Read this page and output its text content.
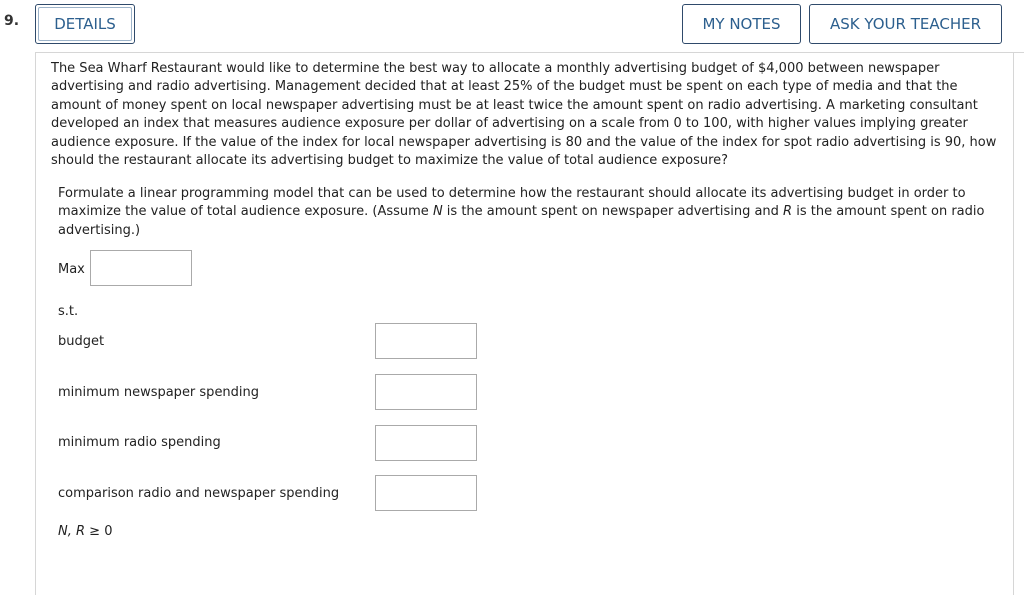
9. DETAILS	MY NOTES	ASK YOUR TEACHER

The Sea Wharf Restaurant would like to determine the best way to allocate a monthly advertising budget of $4,000 between newspaper advertising and radio advertising. Management decided that at least 25% of the budget must be spent on each type of media and that the amount of money spent on local newspaper advertising must be at least twice the amount spent on radio advertising. A marketing consultant developed an index that measures audience exposure per dollar of advertising on a scale from 0 to 100, with higher values implying greater audience exposure. If the value of the index for local newspaper advertising is 80 and the value of the index for spot radio advertising is 90, how should the restaurant allocate its advertising budget to maximize the value of total audience exposure?

Formulate a linear programming model that can be used to determine how the restaurant should allocate its advertising budget in order to maximize the value of total audience exposure. (Assume N is the amount spent on newspaper advertising and R is the amount spent on radio advertising.)

Max
s.t.
budget
minimum newspaper spending
minimum radio spending
comparison radio and newspaper spending
N, R ≥ 0
